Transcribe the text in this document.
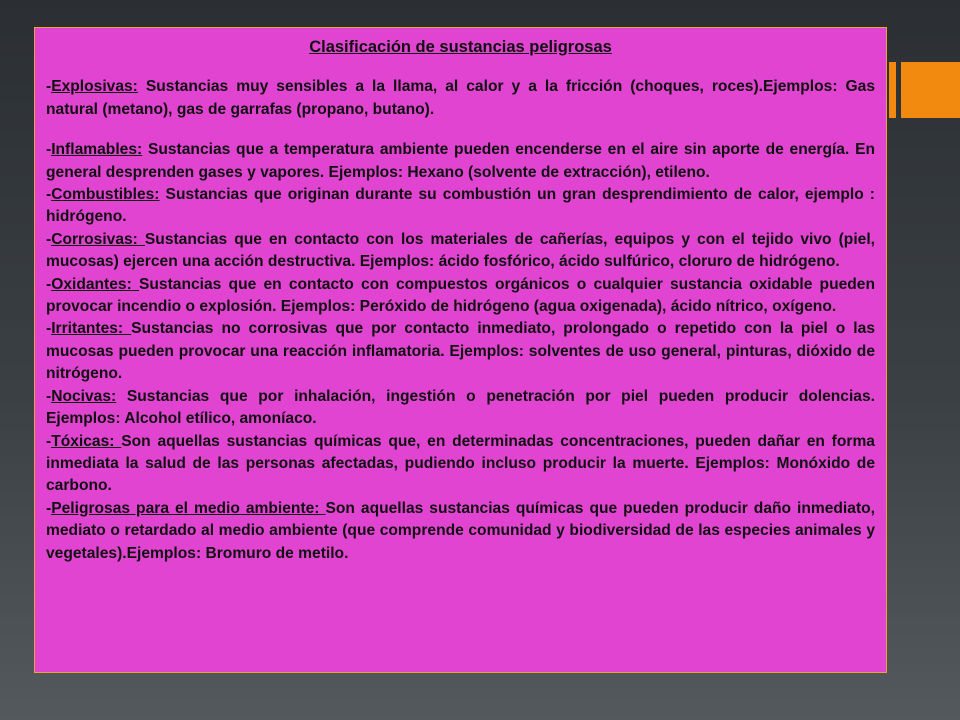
Clasificación de sustancias peligrosas

-Explosivas: Sustancias muy sensibles a la llama, al calor y a la fricción (choques, roces).Ejemplos: Gas natural (metano), gas de garrafas (propano, butano).

-Inflamables: Sustancias que a temperatura ambiente pueden encenderse en el aire sin aporte de energía. En general desprenden gases y vapores. Ejemplos: Hexano (solvente de extracción), etileno.

-Combustibles: Sustancias que originan durante su combustión un gran desprendimiento de calor, ejemplo : hidrógeno.

-Corrosivas: Sustancias que en contacto con los materiales de cañerías, equipos y con el tejido vivo (piel, mucosas) ejercen una acción destructiva. Ejemplos: ácido fosfórico, ácido sulfúrico, cloruro de hidrógeno.

-Oxidantes: Sustancias que en contacto con compuestos orgánicos o cualquier sustancia oxidable pueden provocar incendio o explosión. Ejemplos: Peróxido de hidrógeno (agua oxigenada), ácido nítrico, oxígeno.

-Irritantes: Sustancias no corrosivas que por contacto inmediato, prolongado o repetido con la piel o las mucosas pueden provocar una reacción inflamatoria. Ejemplos: solventes de uso general, pinturas, dióxido de nitrógeno.

-Nocivas: Sustancias que por inhalación, ingestión o penetración por piel pueden producir dolencias. Ejemplos: Alcohol etílico, amoníaco.

-Tóxicas: Son aquellas sustancias químicas que, en determinadas concentraciones, pueden dañar en forma inmediata la salud de las personas afectadas, pudiendo incluso producir la muerte. Ejemplos: Monóxido de carbono.

-Peligrosas para el medio ambiente: Son aquellas sustancias químicas que pueden producir daño inmediato, mediato o retardado al medio ambiente (que comprende comunidad y biodiversidad de las especies animales y vegetales).Ejemplos: Bromuro de metilo.
